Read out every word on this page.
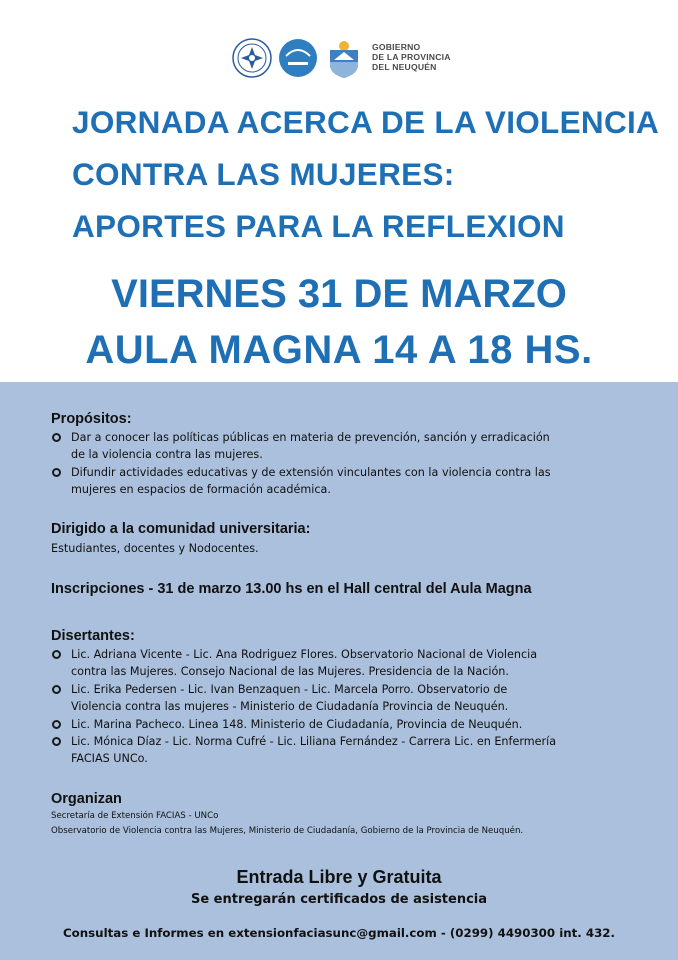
GOBIERNO
DE LA PROVINCIA
DEL NEUQUÉN
JORNADA ACERCA DE LA VIOLENCIA
CONTRA LAS MUJERES:
APORTES PARA LA REFLEXION
VIERNES 31 DE MARZO
AULA MAGNA 14 A 18 HS.
Propósitos:
Dar a conocer las políticas públicas en materia de prevención, sanción y erradicación
de la violencia contra las mujeres.
Difundir actividades educativas y de extensión vinculantes con la violencia contra las
mujeres en espacios de formación académica.
Dirigido a la comunidad universitaria:

Estudiantes, docentes y Nodocentes.

Inscripciones - 31 de marzo 13.00 hs en el Hall central del Aula Magna
Disertantes:
Lic. Adriana Vicente - Lic. Ana Rodriguez Flores. Observatorio Nacional de Violencia
contra las Mujeres. Consejo Nacional de las Mujeres. Presidencia de la Nación.
Lic. Erika Pedersen - Lic. Ivan Benzaquen - Lic. Marcela Porro. Observatorio de
Violencia contra las mujeres - Ministerio de Ciudadanía Provincia de Neuquén.
Lic. Marina Pacheco. Linea 148. Ministerio de Ciudadanía, Provincia de Neuquén.
Lic. Mónica Díaz - Lic. Norma Cufré - Lic. Liliana Fernández - Carrera Lic. en Enfermería
FACIAS UNCo.
Organizan

Secretaría de Extensión FACIAS - UNCo

Observatorio de Violencia contra las Mujeres, Ministerio de Ciudadanía, Gobierno de la Provincia de Neuquén.

Entrada Libre y Gratuita

Se entregarán certificados de asistencia

Consultas e Informes en extensionfaciasunc@gmail.com - (0299) 4490300 int. 432.
